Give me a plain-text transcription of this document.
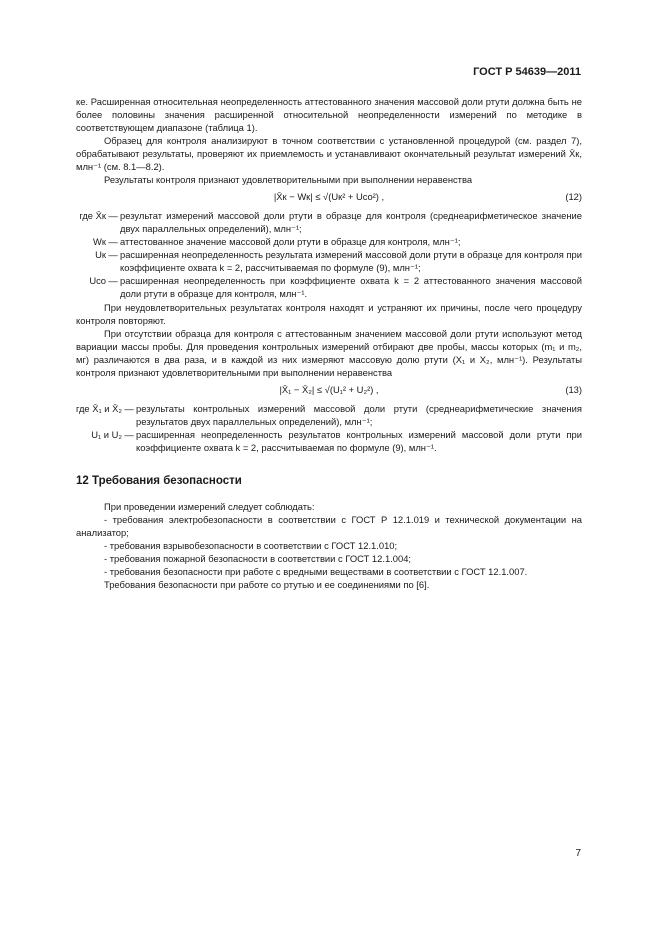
ГОСТ Р 54639—2011

ке. Расширенная относительная неопределенность аттестованного значения массовой доли ртути должна быть не более половины значения расширенной относительной неопределенности измерений по методике в соответствующем диапазоне (таблица 1).

Образец для контроля анализируют в точном соответствии с установленной процедурой (см. раздел 7), обрабатывают результаты, проверяют их приемлемость и устанавливают окончательный результат измерений X̄к, млн⁻¹ (см. 8.1—8.2).

Результаты контроля признают удовлетворительными при выполнении неравенства

|X̄к − Wк| ≤ √(Uк² + Uco²) ,	(12)
где X̄к — результат измерений массовой доли ртути в образце для контроля (среднеарифметическое значение двух параллельных определений), млн⁻¹;
Wк — аттестованное значение массовой доли ртути в образце для контроля, млн⁻¹;
Uк — расширенная неопределенность результата измерений массовой доли ртути в образце для контроля при коэффициенте охвата k = 2, рассчитываемая по формуле (9), млн⁻¹;
Uco — расширенная неопределенность при коэффициенте охвата k = 2 аттестованного значения массовой доли ртути в образце для контроля, млн⁻¹.

При неудовлетворительных результатах контроля находят и устраняют их причины, после чего процедуру контроля повторяют.

При отсутствии образца для контроля с аттестованным значением массовой доли ртути используют метод вариации массы пробы. Для проведения контрольных измерений отбирают две пробы, массы которых (m₁ и m₂, мг) различаются в два раза, и в каждой из них измеряют массовую долю ртути (X₁ и X₂, млн⁻¹). Результаты контроля признают удовлетворительными при выполнении неравенства

|X̄₁ − X̄₂| ≤ √(U₁² + U₂²) ,	(13)
где X̄₁ и X̄₂ — результаты контрольных измерений массовой доли ртути (среднеарифметические значения результатов двух параллельных определений), млн⁻¹;
U₁ и U₂ — расширенная неопределенность результатов контрольных измерений массовой доли ртути при коэффициенте охвата k = 2, рассчитываемая по формуле (9), млн⁻¹.
12 Требования безопасности

При проведении измерений следует соблюдать:

- требования электробезопасности в соответствии с ГОСТ Р 12.1.019 и технической документации на анализатор;

- требования взрывобезопасности в соответствии с ГОСТ 12.1.010;

- требования пожарной безопасности в соответствии с ГОСТ 12.1.004;

- требования безопасности при работе с вредными веществами в соответствии с ГОСТ 12.1.007.

Требования безопасности при работе со ртутью и ее соединениями по [6].

7
